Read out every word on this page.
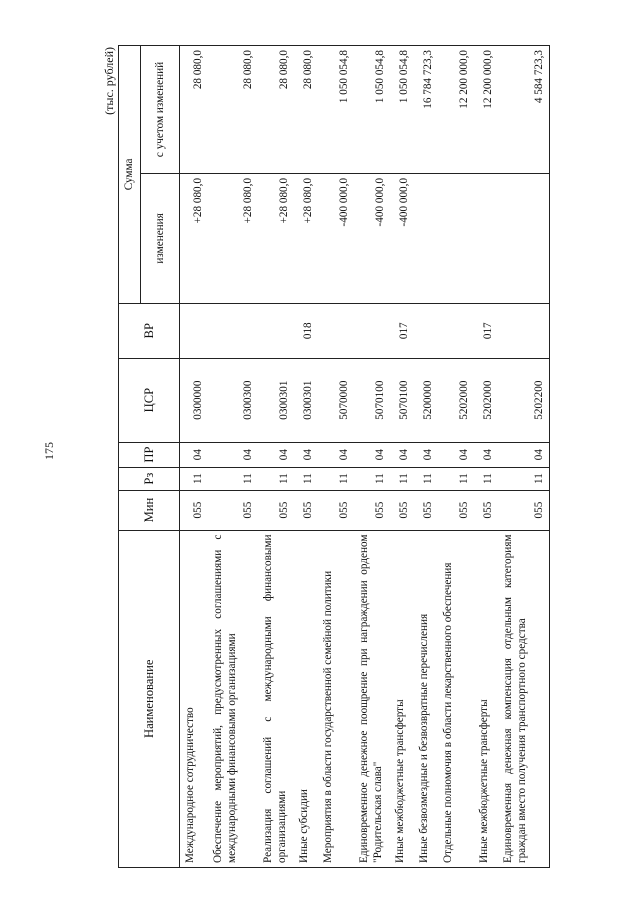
175
(тыс. рублей)
Наименование	Мин	Рз	ПР	ЦСР	ВР	Сумма	
						изменения	с учетом изменений
Международное сотрудничество	055	11	04	0300000		+28 080,0	28 080,0
Обеспечение мероприятий, предусмотренных соглашениями с международными финансовыми организациями	055	11	04	0300300		+28 080,0	28 080,0
Реализация соглашений с международными финансовыми организациями	055	11	04	0300301		+28 080,0	28 080,0
Иные субсидии	055	11	04	0300301	018	+28 080,0	28 080,0
Мероприятия в области государственной семейной политики	055	11	04	5070000		-400 000,0	1 050 054,8
Единовременное денежное поощрение при награждении орденом "Родительская слава"	055	11	04	5070100		-400 000,0	1 050 054,8
Иные межбюджетные трансферты	055	11	04	5070100	017	-400 000,0	1 050 054,8
Иные безвозмездные и безвозвратные перечисления	055	11	04	5200000			16 784 723,3
Отдельные полномочия в области лекарственного обеспечения	055	11	04	5202000			12 200 000,0
Иные межбюджетные трансферты	055	11	04	5202000	017		12 200 000,0
Единовременная денежная компенсация отдельным категориям граждан вместо получения транспортного средства	055	11	04	5202200			4 584 723,3
